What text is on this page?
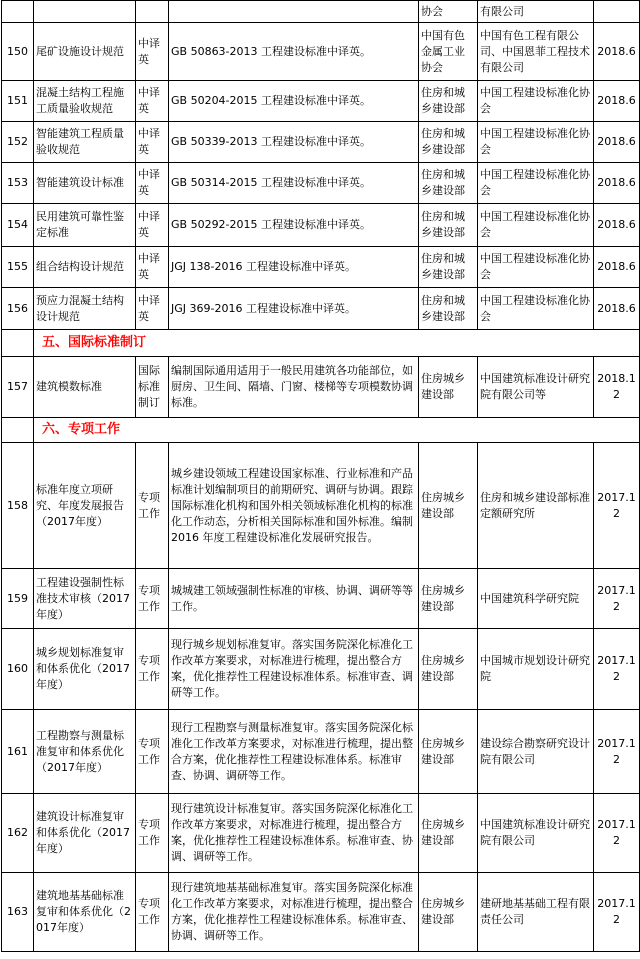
				协会	有限公司	
150	尾矿设施设计规范	中译英	GB 50863-2013 工程建设标准中译英。	中国有色金属工业协会	中国有色工程有限公司、中国恩菲工程技术有限公司	2018.6
151	混凝土结构工程施工质量验收规范	中译英	GB 50204-2015 工程建设标准中译英。	住房和城乡建设部	中国工程建设标准化协会	2018.6
152	智能建筑工程质量验收规范	中译英	GB 50339-2013 工程建设标准中译英。	住房和城乡建设部	中国工程建设标准化协会	2018.6
153	智能建筑设计标准	中译英	GB 50314-2015 工程建设标准中译英。	住房和城乡建设部	中国工程建设标准化协会	2018.6
154	民用建筑可靠性鉴定标准	中译英	GB 50292-2015 工程建设标准中译英。	住房和城乡建设部	中国工程建设标准化协会	2018.6
155	组合结构设计规范	中译英	JGJ 138-2016 工程建设标准中译英。	住房和城乡建设部	中国工程建设标准化协会	2018.6
156	预应力混凝土结构设计规范	中译英	JGJ 369-2016 工程建设标准中译英。	住房和城乡建设部	中国工程建设标准化协会	2018.6
	五、国际标准制订					
157	建筑模数标准	国际标准制订	编制国际通用适用于一般民用建筑各功能部位，如厨房、卫生间、隔墙、门窗、楼梯等专项模数协调标准。	住房城乡建设部	中国建筑标准设计研究院有限公司等	2018.12
	六、专项工作					
158	标准年度立项研究、年度发展报告（2017年度）	专项工作	城乡建设领域工程建设国家标准、行业标准和产品标准计划编制项目的前期研究、调研与协调。跟踪国际标准化机构和国外相关领域标准化机构的标准化工作动态，分析相关国际标准和国外标准。编制 2016 年度工程建设标准化发展研究报告。	住房城乡建设部	住房和城乡建设部标准定额研究所	2017.12
159	工程建设强制性标准技术审核（2017年度）	专项工作	城城建工领域强制性标准的审核、协调、调研等等工作。	住房城乡建设部	中国建筑科学研究院	2017.12
160	城乡规划标准复审和体系优化（2017年度）	专项工作	现行城乡规划标准复审。落实国务院深化标准化工作改革方案要求，对标准进行梳理，提出整合方案，优化推荐性工程建设标准体系。标准审查、调研等工作。	住房城乡建设部	中国城市规划设计研究院	2017.12
161	工程勘察与测量标准复审和体系优化（2017年度）	专项工作	现行工程勘察与测量标准复审。落实国务院深化标准化工作改革方案要求，对标准进行梳理，提出整合方案，优化推荐性工程建设标准体系。标准审查、协调、调研等工作。	住房城乡建设部	建设综合勘察研究设计院有限公司	2017.12
162	建筑设计标准复审和体系优化（2017年度）	专项工作	现行建筑设计标准复审。落实国务院深化标准化工作改革方案要求，对标准进行梳理，提出整合方案，优化推荐性工程建设标准体系。标准审查、协调、调研等工作。	住房城乡建设部	中国建筑标准设计研究院有限公司	2017.12
163	建筑地基基础标准复审和体系优化（2017年度）	专项工作	现行建筑地基基础标准复审。落实国务院深化标准化工作改革方案要求，对标准进行梳理，提出整合方案，优化推荐性工程建设标准体系。标准审查、协调、调研等工作。	住房城乡建设部	建研地基基础工程有限责任公司	2017.12
